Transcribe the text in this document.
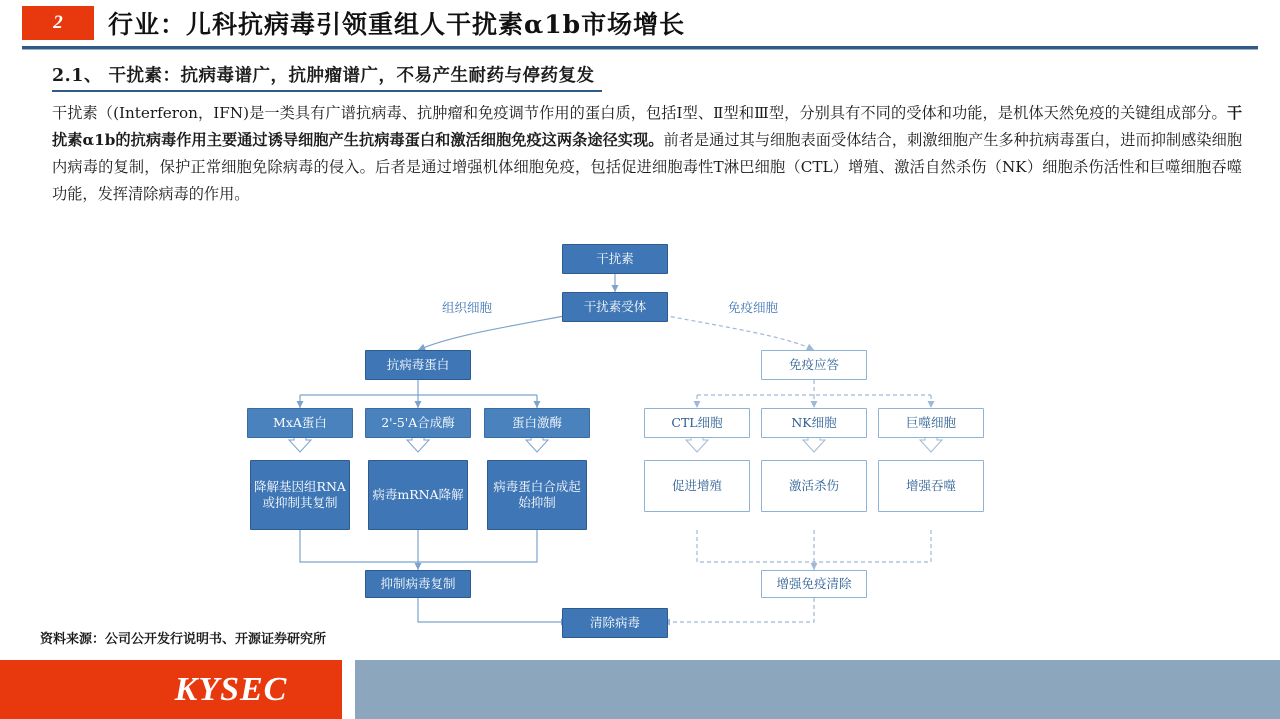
2	行业：儿科抗病毒引领重组人干扰素α1b市场增长
2.1、 干扰素：抗病毒谱广，抗肿瘤谱广，不易产生耐药与停药复发
干扰素（(Interferon，IFN)是一类具有广谱抗病毒、抗肿瘤和免疫调节作用的蛋白质，包括I型、Ⅱ型和Ⅲ型，分别具有不同的受体和功能，是机体天然免疫的关键组成部分。干扰素α1b的抗病毒作用主要通过诱导细胞产生抗病毒蛋白和激活细胞免疫这两条途径实现。前者是通过其与细胞表面受体结合，刺激细胞产生多种抗病毒蛋白，进而抑制感染细胞内病毒的复制，保护正常细胞免除病毒的侵入。后者是通过增强机体细胞免疫，包括促进细胞毒性T淋巴细胞（CTL）增殖、激活自然杀伤（NK）细胞杀伤活性和巨噬细胞吞噬功能，发挥清除病毒的作用。
组织细胞	免疫细胞
干扰素
干扰素受体
抗病毒蛋白	免疫应答
MxA蛋白	2'-5'A合成酶	蛋白激酶	CTL细胞	NK细胞	巨噬细胞
降解基因组RNA或抑制其复制
病毒mRNA降解
病毒蛋白合成起始抑制
促进增殖	激活杀伤	增强吞噬
抑制病毒复制	增强免疫清除
清除病毒
资料来源：公司公开发行说明书、开源证券研究所
KYSEC
